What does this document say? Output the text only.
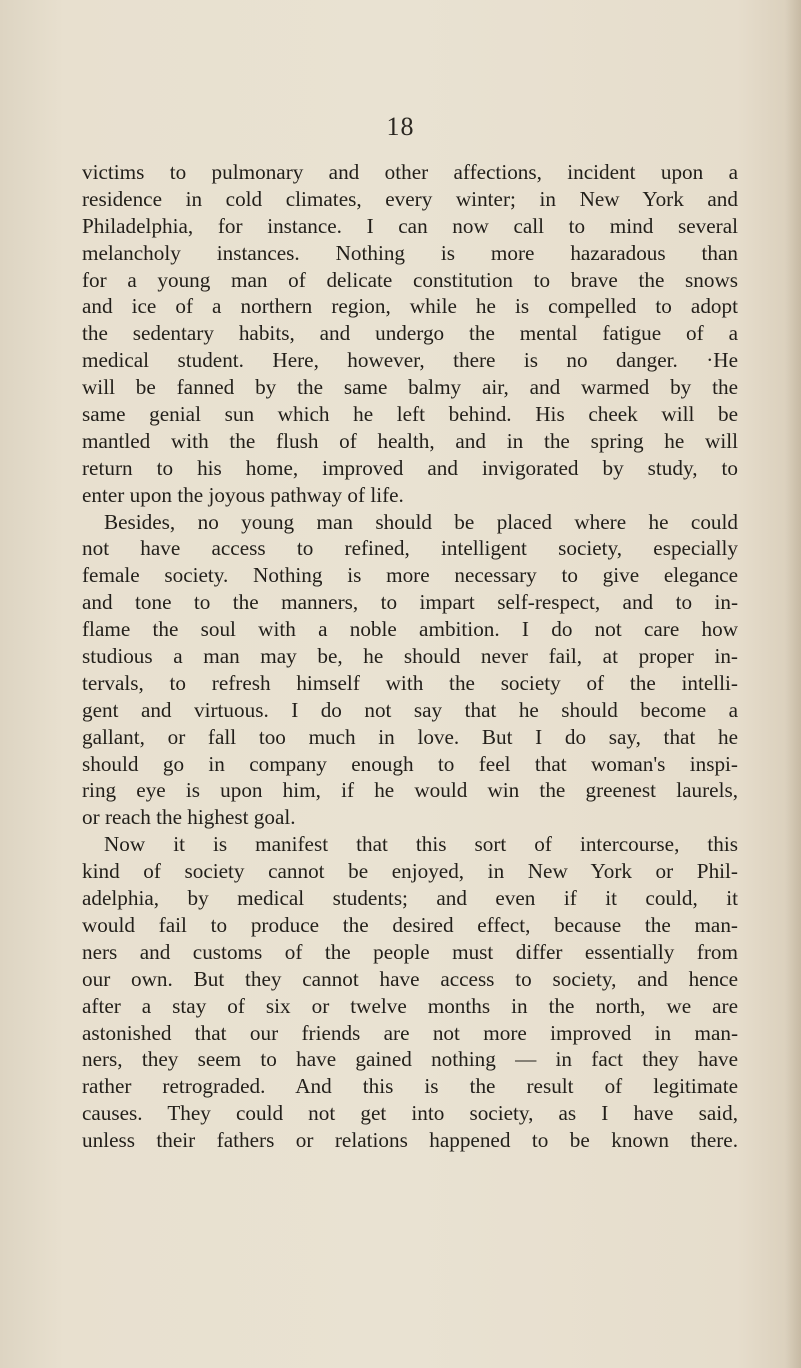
18
victims to pulmonary and other affections, incident upon a
residence in cold climates, every winter; in New York and
Philadelphia, for instance. I can now call to mind several
melancholy instances. Nothing is more hazaradous than
for a young man of delicate constitution to brave the snows
and ice of a northern region, while he is compelled to adopt
the sedentary habits, and undergo the mental fatigue of a
medical student. Here, however, there is no danger. ·He
will be fanned by the same balmy air, and warmed by the
same genial sun which he left behind. His cheek will be
mantled with the flush of health, and in the spring he will
return to his home, improved and invigorated by study, to
enter upon the joyous pathway of life.
Besides, no young man should be placed where he could
not have access to refined, intelligent society, especially
female society. Nothing is more necessary to give elegance
and tone to the manners, to impart self-respect, and to in-
flame the soul with a noble ambition. I do not care how
studious a man may be, he should never fail, at proper in-
tervals, to refresh himself with the society of the intelli-
gent and virtuous. I do not say that he should become a
gallant, or fall too much in love. But I do say, that he
should go in company enough to feel that woman's inspi-
ring eye is upon him, if he would win the greenest laurels,
or reach the highest goal.
Now it is manifest that this sort of intercourse, this
kind of society cannot be enjoyed, in New York or Phil-
adelphia, by medical students; and even if it could, it
would fail to produce the desired effect, because the man-
ners and customs of the people must differ essentially from
our own. But they cannot have access to society, and hence
after a stay of six or twelve months in the north, we are
astonished that our friends are not more improved in man-
ners, they seem to have gained nothing — in fact they have
rather retrograded. And this is the result of legitimate
causes. They could not get into society, as I have said,
unless their fathers or relations happened to be known there.
